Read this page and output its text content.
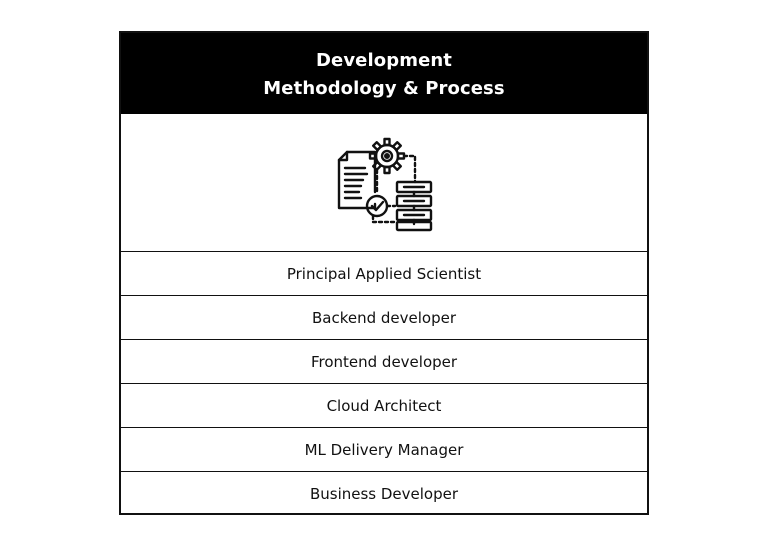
Development
Methodology & Process
Principal Applied Scientist
Backend developer
Frontend developer
Cloud Architect
ML Delivery Manager
Business Developer
